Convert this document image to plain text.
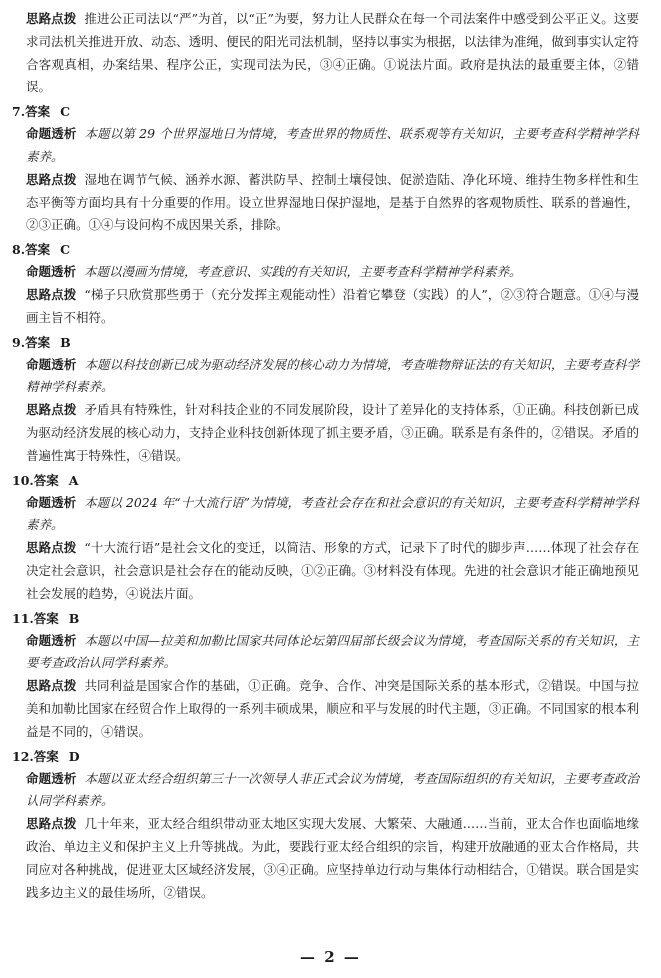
思路点拨 推进公正司法以“严”为首，以“正”为要，努力让人民群众在每一个司法案件中感受到公平正义。这要求司法机关推进开放、动态、透明、便民的阳光司法机制，坚持以事实为根据，以法律为准绳，做到事实认定符合客观真相，办案结果、程序公正，实现司法为民，③④正确。①说法片面。政府是执法的最重要主体，②错误。
7.答案 C
命题透析 本题以第 29 个世界湿地日为情境，考查世界的物质性、联系观等有关知识，主要考查科学精神学科素养。
思路点拨 湿地在调节气候、涵养水源、蓄洪防旱、控制土壤侵蚀、促淤造陆、净化环境、维持生物多样性和生态平衡等方面均具有十分重要的作用。设立世界湿地日保护湿地，是基于自然界的客观物质性、联系的普遍性，②③正确。①④与设问构不成因果关系，排除。
8.答案 C
命题透析 本题以漫画为情境，考查意识、实践的有关知识，主要考查科学精神学科素养。
思路点拨 “梯子只欣赏那些勇于（充分发挥主观能动性）沿着它攀登（实践）的人”，②③符合题意。①④与漫画主旨不相符。
9.答案 B
命题透析 本题以科技创新已成为驱动经济发展的核心动力为情境，考查唯物辩证法的有关知识，主要考查科学精神学科素养。
思路点拨 矛盾具有特殊性，针对科技企业的不同发展阶段，设计了差异化的支持体系，①正确。科技创新已成为驱动经济发展的核心动力，支持企业科技创新体现了抓主要矛盾，③正确。联系是有条件的，②错误。矛盾的普遍性寓于特殊性，④错误。
10.答案 A
命题透析 本题以 2024 年“十大流行语”为情境，考查社会存在和社会意识的有关知识，主要考查科学精神学科素养。
思路点拨 “十大流行语”是社会文化的变迁，以简洁、形象的方式，记录下了时代的脚步声……体现了社会存在决定社会意识，社会意识是社会存在的能动反映，①②正确。③材料没有体现。先进的社会意识才能正确地预见社会发展的趋势，④说法片面。
11.答案 B
命题透析 本题以中国—拉美和加勒比国家共同体论坛第四届部长级会议为情境，考查国际关系的有关知识，主要考查政治认同学科素养。
思路点拨 共同利益是国家合作的基础，①正确。竞争、合作、冲突是国际关系的基本形式，②错误。中国与拉美和加勒比国家在经贸合作上取得的一系列丰硕成果，顺应和平与发展的时代主题，③正确。不同国家的根本利益是不同的，④错误。
12.答案 D
命题透析 本题以亚太经合组织第三十一次领导人非正式会议为情境，考查国际组织的有关知识，主要考查政治认同学科素养。
思路点拨 几十年来，亚太经合组织带动亚太地区实现大发展、大繁荣、大融通……当前，亚太合作也面临地缘政治、单边主义和保护主义上升等挑战。为此，要践行亚太经合组织的宗旨，构建开放融通的亚太合作格局，共同应对各种挑战，促进亚太区域经济发展，③④正确。应坚持单边行动与集体行动相结合，①错误。联合国是实践多边主义的最佳场所，②错误。
— 2 —
